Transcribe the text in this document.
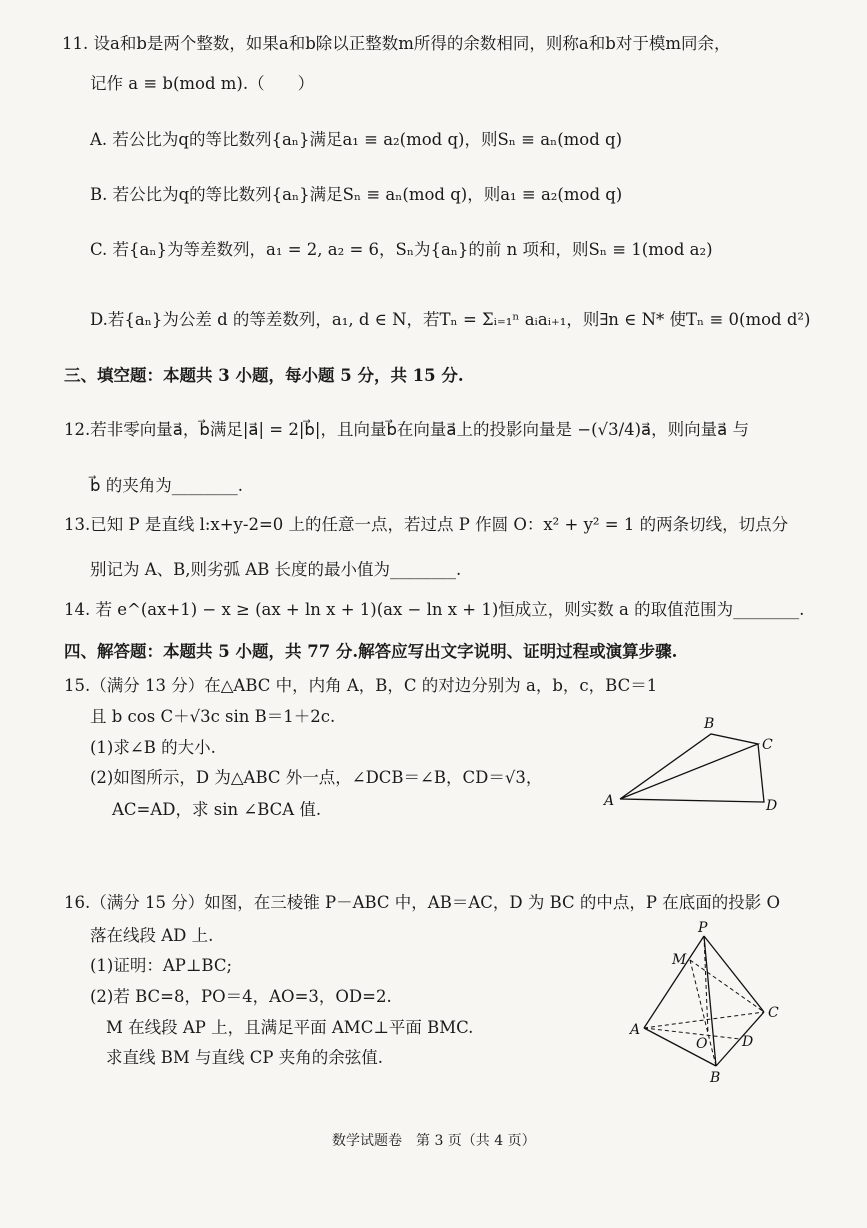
11. 设a和b是两个整数，如果a和b除以正整数m所得的余数相同，则称a和b对于模m同余，
记作 a ≡ b(mod m).（　　）
A. 若公比为q的等比数列{aₙ}满足a₁ ≡ a₂(mod q)，则Sₙ ≡ aₙ(mod q)
B. 若公比为q的等比数列{aₙ}满足Sₙ ≡ aₙ(mod q)，则a₁ ≡ a₂(mod q)
C. 若{aₙ}为等差数列，a₁ = 2, a₂ = 6，Sₙ为{aₙ}的前 n 项和，则Sₙ ≡ 1(mod a₂)
D.若{aₙ}为公差 d 的等差数列，a₁, d ∈ N，若Tₙ = Σᵢ₌₁ⁿ aᵢaᵢ₊₁，则∃n ∈ N* 使Tₙ ≡ 0(mod d²)
三、填空题：本题共 3 小题，每小题 5 分，共 15 分.
12.若非零向量a⃗，b⃗满足|a⃗| = 2|b⃗|，且向量b⃗在向量a⃗上的投影向量是 −(√3/4)a⃗，则向量a⃗ 与
b⃗ 的夹角为________.
13.已知 P 是直线 l:x+y-2=0 上的任意一点，若过点 P 作圆 O：x² + y² = 1 的两条切线，切点分
别记为 A、B,则劣弧 AB 长度的最小值为________.
14. 若 e^(ax+1) − x ≥ (ax + ln x + 1)(ax − ln x + 1)恒成立，则实数 a 的取值范围为________.
四、解答题：本题共 5 小题，共 77 分.解答应写出文字说明、证明过程或演算步骤.
15.（满分 13 分）在△ABC 中，内角 A，B，C 的对边分别为 a，b，c，BC＝1
且 b cos C＋√3c sin B＝1＋2c.
(1)求∠B 的大小.
(2)如图所示，D 为△ABC 外一点，∠DCB＝∠B，CD＝√3，
AC=AD，求 sin ∠BCA 值.
B
C
A	D
16.（满分 15 分）如图，在三棱锥 P－ABC 中，AB＝AC，D 为 BC 的中点，P 在底面的投影 O
落在线段 AD 上.
(1)证明：AP⊥BC;
(2)若 BC=8，PO＝4，AO=3，OD=2.
M 在线段 AP 上，且满足平面 AMC⊥平面 BMC.
求直线 BM 与直线 CP 夹角的余弦值.
P
M
A
C
O D
B
数学试题卷　第 3 页（共 4 页）
